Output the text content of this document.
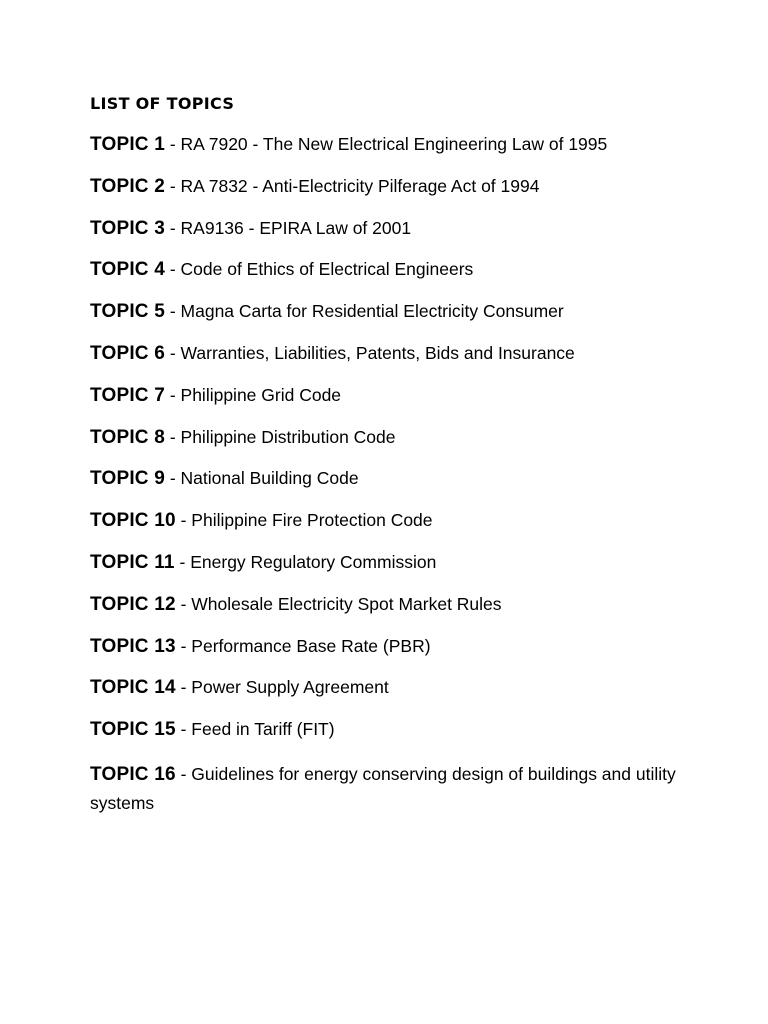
LIST OF TOPICS
TOPIC 1 - RA 7920 - The New Electrical Engineering Law of 1995
TOPIC 2 - RA 7832 - Anti-Electricity Pilferage Act of 1994
TOPIC 3 - RA9136 - EPIRA Law of 2001
TOPIC 4 - Code of Ethics of Electrical Engineers
TOPIC 5 - Magna Carta for Residential Electricity Consumer
TOPIC 6 - Warranties, Liabilities, Patents, Bids and Insurance
TOPIC 7 - Philippine Grid Code
TOPIC 8 - Philippine Distribution Code
TOPIC 9 - National Building Code
TOPIC 10 - Philippine Fire Protection Code
TOPIC 11 - Energy Regulatory Commission
TOPIC 12 - Wholesale Electricity Spot Market Rules
TOPIC 13 - Performance Base Rate (PBR)
TOPIC 14 - Power Supply Agreement
TOPIC 15 - Feed in Tariff (FIT)
TOPIC 16 - Guidelines for energy conserving design of buildings and utility systems
